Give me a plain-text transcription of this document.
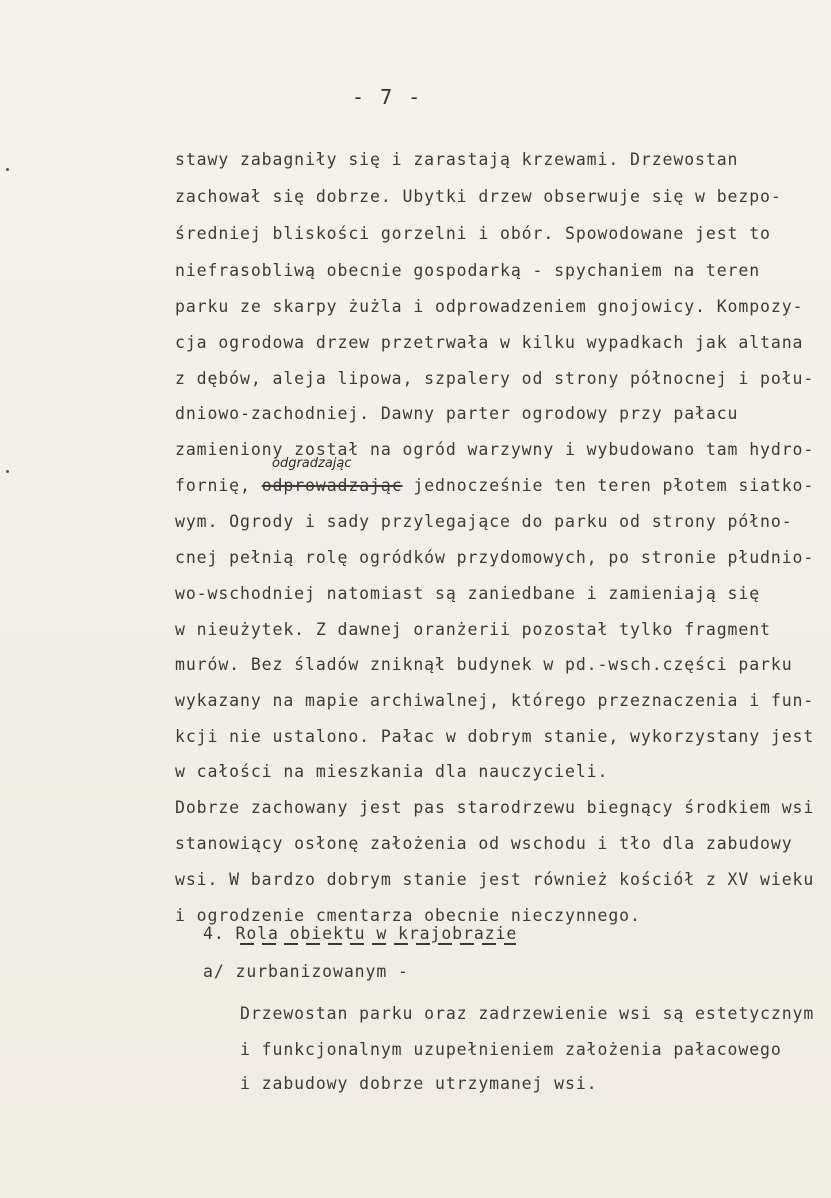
- 7 -
stawy zabagniły się i zarastają krzewami. Drzewostan
zachował się dobrze. Ubytki drzew obserwuje się w bezpo-
średniej bliskości gorzelni i obór. Spowodowane jest to
niefrasobliwą obecnie gospodarką - spychaniem na teren
parku ze skarpy żużla i odprowadzeniem gnojowicy. Kompozy-
cja ogrodowa drzew przetrwała w kilku wypadkach jak altana
z dębów, aleja lipowa, szpalery od strony północnej i połu-
dniowo-zachodniej. Dawny parter ogrodowy przy pałacu
zamieniony został na ogród warzywny i wybudowano tam hydro-
odgradzając
fornię, odprowadzając jednocześnie ten teren płotem siatko-
wym. Ogrody i sady przylegające do parku od strony półno-
cnej pełnią rolę ogródków przydomowych, po stronie płudnio-
wo-wschodniej natomiast są zaniedbane i zamieniają się
w nieużytek. Z dawnej oranżerii pozostał tylko fragment
murów. Bez śladów zniknął budynek w pd.-wsch.części parku
wykazany na mapie archiwalnej, którego przeznaczenia i fun-
kcji nie ustalono. Pałac w dobrym stanie, wykorzystany jest
w całości na mieszkania dla nauczycieli.
Dobrze zachowany jest pas starodrzewu biegnący środkiem wsi
stanowiący osłonę założenia od wschodu i tło dla zabudowy
wsi. W bardzo dobrym stanie jest również kościół z XV wieku
i ogrodzenie cmentarza obecnie nieczynnego.
4. Rola obiektu w krajobrazie
a/ zurbanizowanym -
Drzewostan parku oraz zadrzewienie wsi są estetycznym
i funkcjonalnym uzupełnieniem założenia pałacowego
i zabudowy dobrze utrzymanej wsi.
